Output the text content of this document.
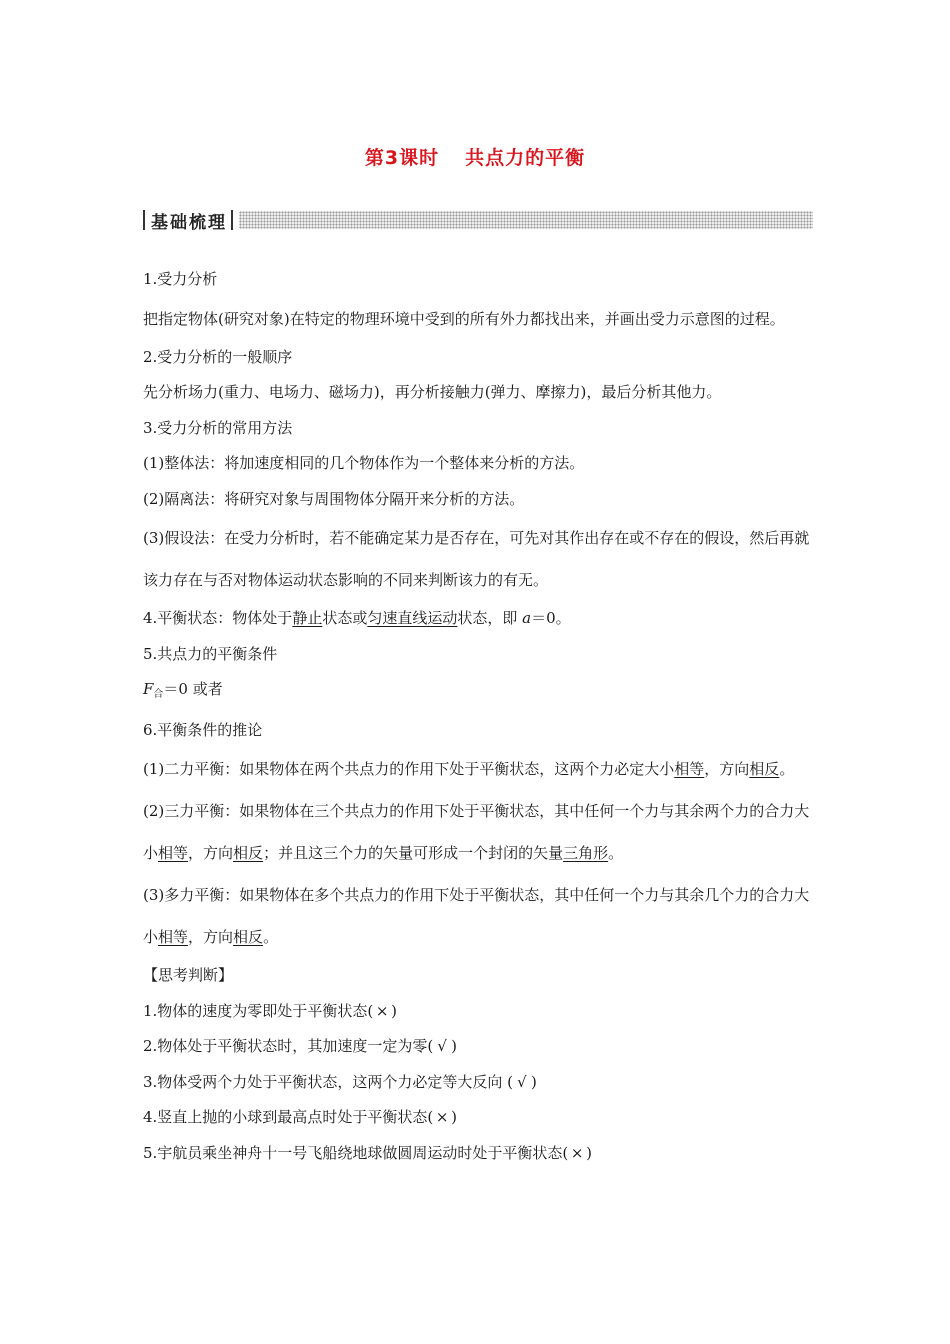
第3课时 共点力的平衡
基础梳理

1.受力分析

把指定物体(研究对象)在特定的物理环境中受到的所有外力都找出来，并画出受力示意图的过程。

2.受力分析的一般顺序

先分析场力(重力、电场力、磁场力)，再分析接触力(弹力、摩擦力)，最后分析其他力。

3.受力分析的常用方法

(1)整体法：将加速度相同的几个物体作为一个整体来分析的方法。

(2)隔离法：将研究对象与周围物体分隔开来分析的方法。

(3)假设法：在受力分析时，若不能确定某力是否存在，可先对其作出存在或不存在的假设，然后再就该力存在与否对物体运动状态影响的不同来判断该力的有无。

4.平衡状态：物体处于静止状态或匀速直线运动状态，即 a＝0。

5.共点力的平衡条件

$F_合=0$ 或者

6.平衡条件的推论

(1)二力平衡：如果物体在两个共点力的作用下处于平衡状态，这两个力必定大小相等，方向相反。

(2)三力平衡：如果物体在三个共点力的作用下处于平衡状态，其中任何一个力与其余两个力的合力大小相等，方向相反；并且这三个力的矢量可形成一个封闭的矢量三角形。

(3)多力平衡：如果物体在多个共点力的作用下处于平衡状态，其中任何一个力与其余几个力的合力大小相等，方向相反。

【思考判断】

1.物体的速度为零即处于平衡状态( × )

2.物体处于平衡状态时，其加速度一定为零( √ )

3.物体受两个力处于平衡状态，这两个力必定等大反向 ( √ )

4.竖直上抛的小球到最高点时处于平衡状态( × )

5.宇航员乘坐神舟十一号飞船绕地球做圆周运动时处于平衡状态( × )
